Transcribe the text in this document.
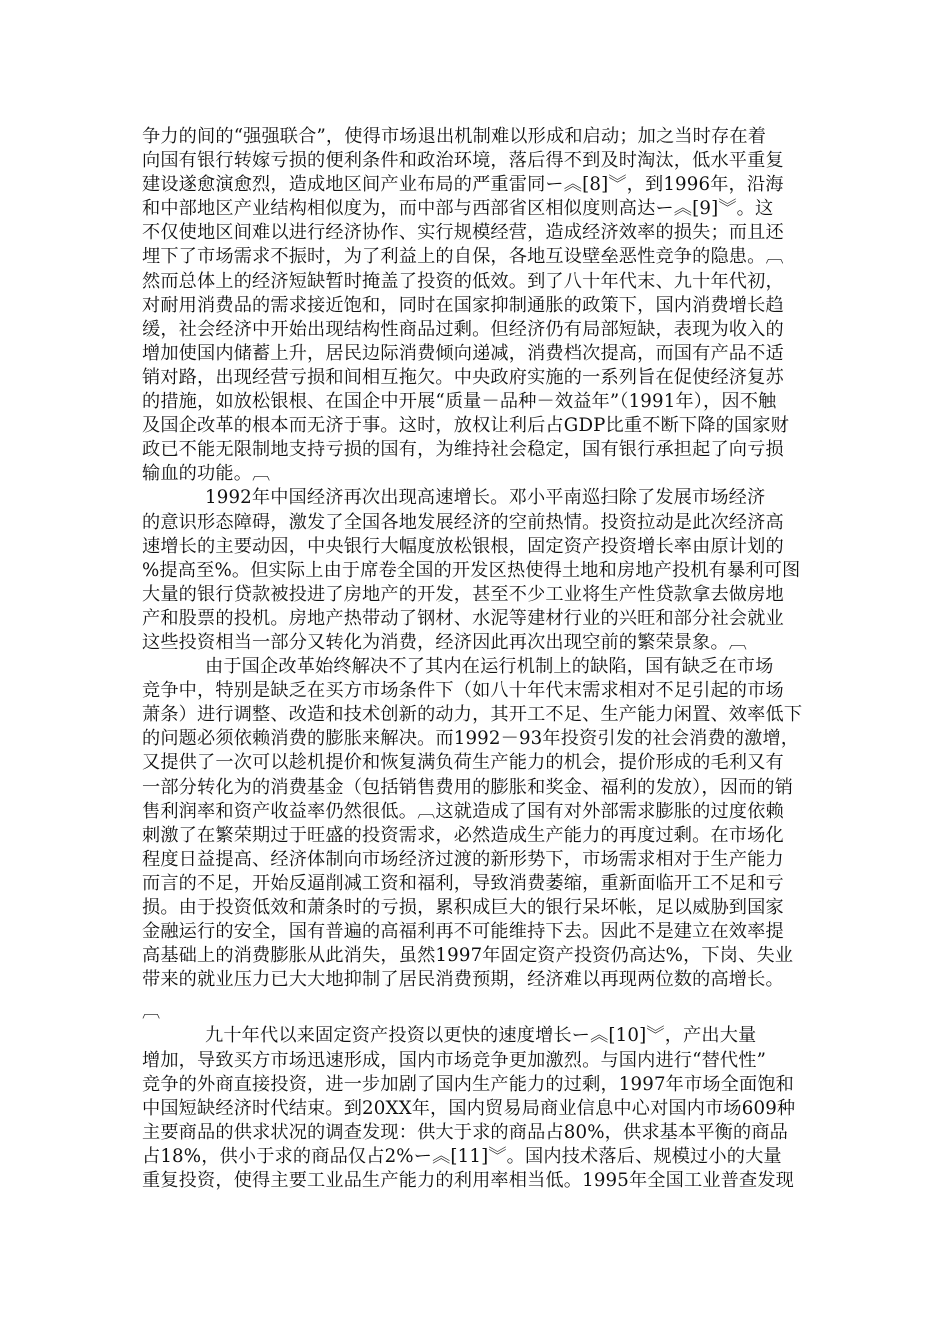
争力的间的“强强联合”，使得市场退出机制难以形成和启动；加之当时存在着
向国有银行转嫁亏损的便利条件和政治环境，落后得不到及时淘汰，低水平重复
建设遂愈演愈烈，造成地区间产业布局的严重雷同ー︽[8]︾，到1996年，沿海
和中部地区产业结构相似度为，而中部与西部省区相似度则高达ー︽[9]︾。这
不仅使地区间难以进行经济协作、实行规模经营，造成经济效率的损失；而且还
埋下了市场需求不振时，为了利益上的自保，各地互设壁垒恶性竞争的隐患。︹
然而总体上的经济短缺暂时掩盖了投资的低效。到了八十年代末、九十年代初，
对耐用消费品的需求接近饱和，同时在国家抑制通胀的政策下，国内消费增长趋
缓，社会经济中开始出现结构性商品过剩。但经济仍有局部短缺，表现为收入的
增加使国内储蓄上升，居民边际消费倾向递减，消费档次提高，而国有产品不适
销对路，出现经营亏损和间相互拖欠。中央政府实施的一系列旨在促使经济复苏
的措施，如放松银根、在国企中开展“质量－品种－效益年”（1991年），因不触
及国企改革的根本而无济于事。这时，放权让利后占GDP比重不断下降的国家财
政已不能无限制地支持亏损的国有，为维持社会稳定，国有银行承担起了向亏损
输血的功能。︹
1992年中国经济再次出现高速增长。邓小平南巡扫除了发展市场经济
的意识形态障碍，激发了全国各地发展经济的空前热情。投资拉动是此次经济高
速增长的主要动因，中央银行大幅度放松银根，固定资产投资增长率由原计划的
%提高至%。但实际上由于席卷全国的开发区热使得土地和房地产投机有暴利可图
大量的银行贷款被投进了房地产的开发，甚至不少工业将生产性贷款拿去做房地
产和股票的投机。房地产热带动了钢材、水泥等建材行业的兴旺和部分社会就业
这些投资相当一部分又转化为消费，经济因此再次出现空前的繁荣景象。︹
由于国企改革始终解决不了其内在运行机制上的缺陷，国有缺乏在市场
竞争中，特别是缺乏在买方市场条件下（如八十年代末需求相对不足引起的市场
萧条）进行调整、改造和技术创新的动力，其开工不足、生产能力闲置、效率低下
的问题必须依赖消费的膨胀来解决。而1992－93年投资引发的社会消费的激增，
又提供了一次可以趁机提价和恢复满负荷生产能力的机会，提价形成的毛利又有
一部分转化为的消费基金（包括销售费用的膨胀和奖金、福利的发放），因而的销
售利润率和资产收益率仍然很低。︹这就造成了国有对外部需求膨胀的过度依赖
刺激了在繁荣期过于旺盛的投资需求，必然造成生产能力的再度过剩。在市场化
程度日益提高、经济体制向市场经济过渡的新形势下，市场需求相对于生产能力
而言的不足，开始反逼削减工资和福利，导致消费萎缩，重新面临开工不足和亏
损。由于投资低效和萧条时的亏损，累积成巨大的银行呆坏帐，足以威胁到国家
金融运行的安全，国有普遍的高福利再不可能维持下去。因此不是建立在效率提
高基础上的消费膨胀从此消失，虽然1997年固定资产投资仍高达%，下岗、失业
带来的就业压力已大大地抑制了居民消费预期，经济难以再现两位数的高增长。
︹
九十年代以来固定资产投资以更快的速度增长ー︽[10]︾，产出大量
增加，导致买方市场迅速形成，国内市场竞争更加激烈。与国内进行“替代性”
竞争的外商直接投资，进一步加剧了国内生产能力的过剩，1997年市场全面饱和
中国短缺经济时代结束。到20XX年，国内贸易局商业信息中心对国内市场609种
主要商品的供求状况的调查发现：供大于求的商品占80%，供求基本平衡的商品
占18%，供小于求的商品仅占2%ー︽[11]︾。国内技术落后、规模过小的大量
重复投资，使得主要工业品生产能力的利用率相当低。1995年全国工业普查发现
